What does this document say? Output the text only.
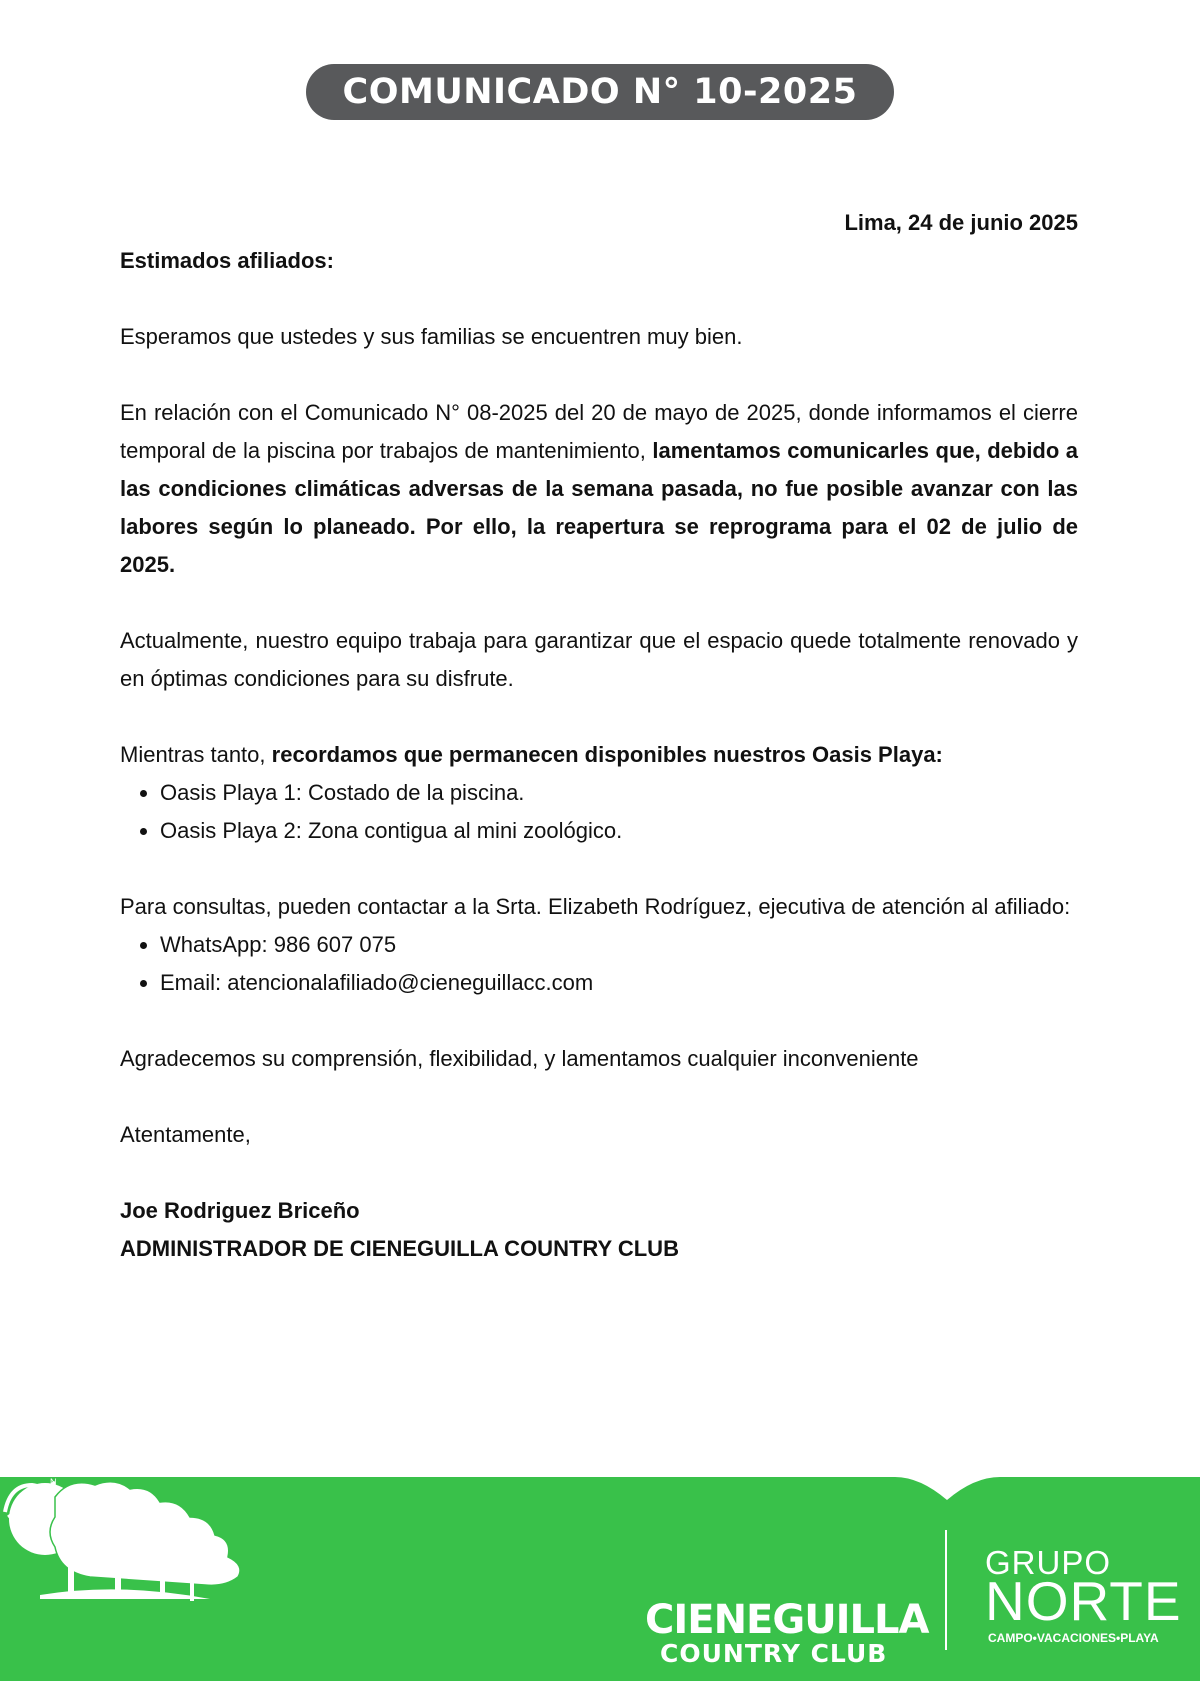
COMUNICADO N° 10-2025

Lima, 24 de junio 2025

Estimados afiliados:

Esperamos que ustedes y sus familias se encuentren muy bien.

En relación con el Comunicado N° 08-2025 del 20 de mayo de 2025, donde informamos el cierre temporal de la piscina por trabajos de mantenimiento, lamentamos comunicarles que, debido a las condiciones climáticas adversas de la semana pasada, no fue posible avanzar con las labores según lo planeado. Por ello, la reapertura se reprograma para el 02 de julio de 2025.

Actualmente, nuestro equipo trabaja para garantizar que el espacio quede totalmente renovado y en óptimas condiciones para su disfrute.

Mientras tanto, recordamos que permanecen disponibles nuestros Oasis Playa:

• Oasis Playa 1: Costado de la piscina.
• Oasis Playa 2: Zona contigua al mini zoológico.

Para consultas, pueden contactar a la Srta. Elizabeth Rodríguez, ejecutiva de atención al afiliado:

• WhatsApp: 986 607 075
• Email: atencionalafiliado@cieneguillacc.com

Agradecemos su comprensión, flexibilidad, y lamentamos cualquier inconveniente

Atentamente,

Joe Rodriguez Briceño

ADMINISTRADOR DE CIENEGUILLA COUNTRY CLUB

CIENEGUILLA
COUNTRY CLUB
GRUPO
N
NORTE
CAMPO•VACACIONES•PLAYA
